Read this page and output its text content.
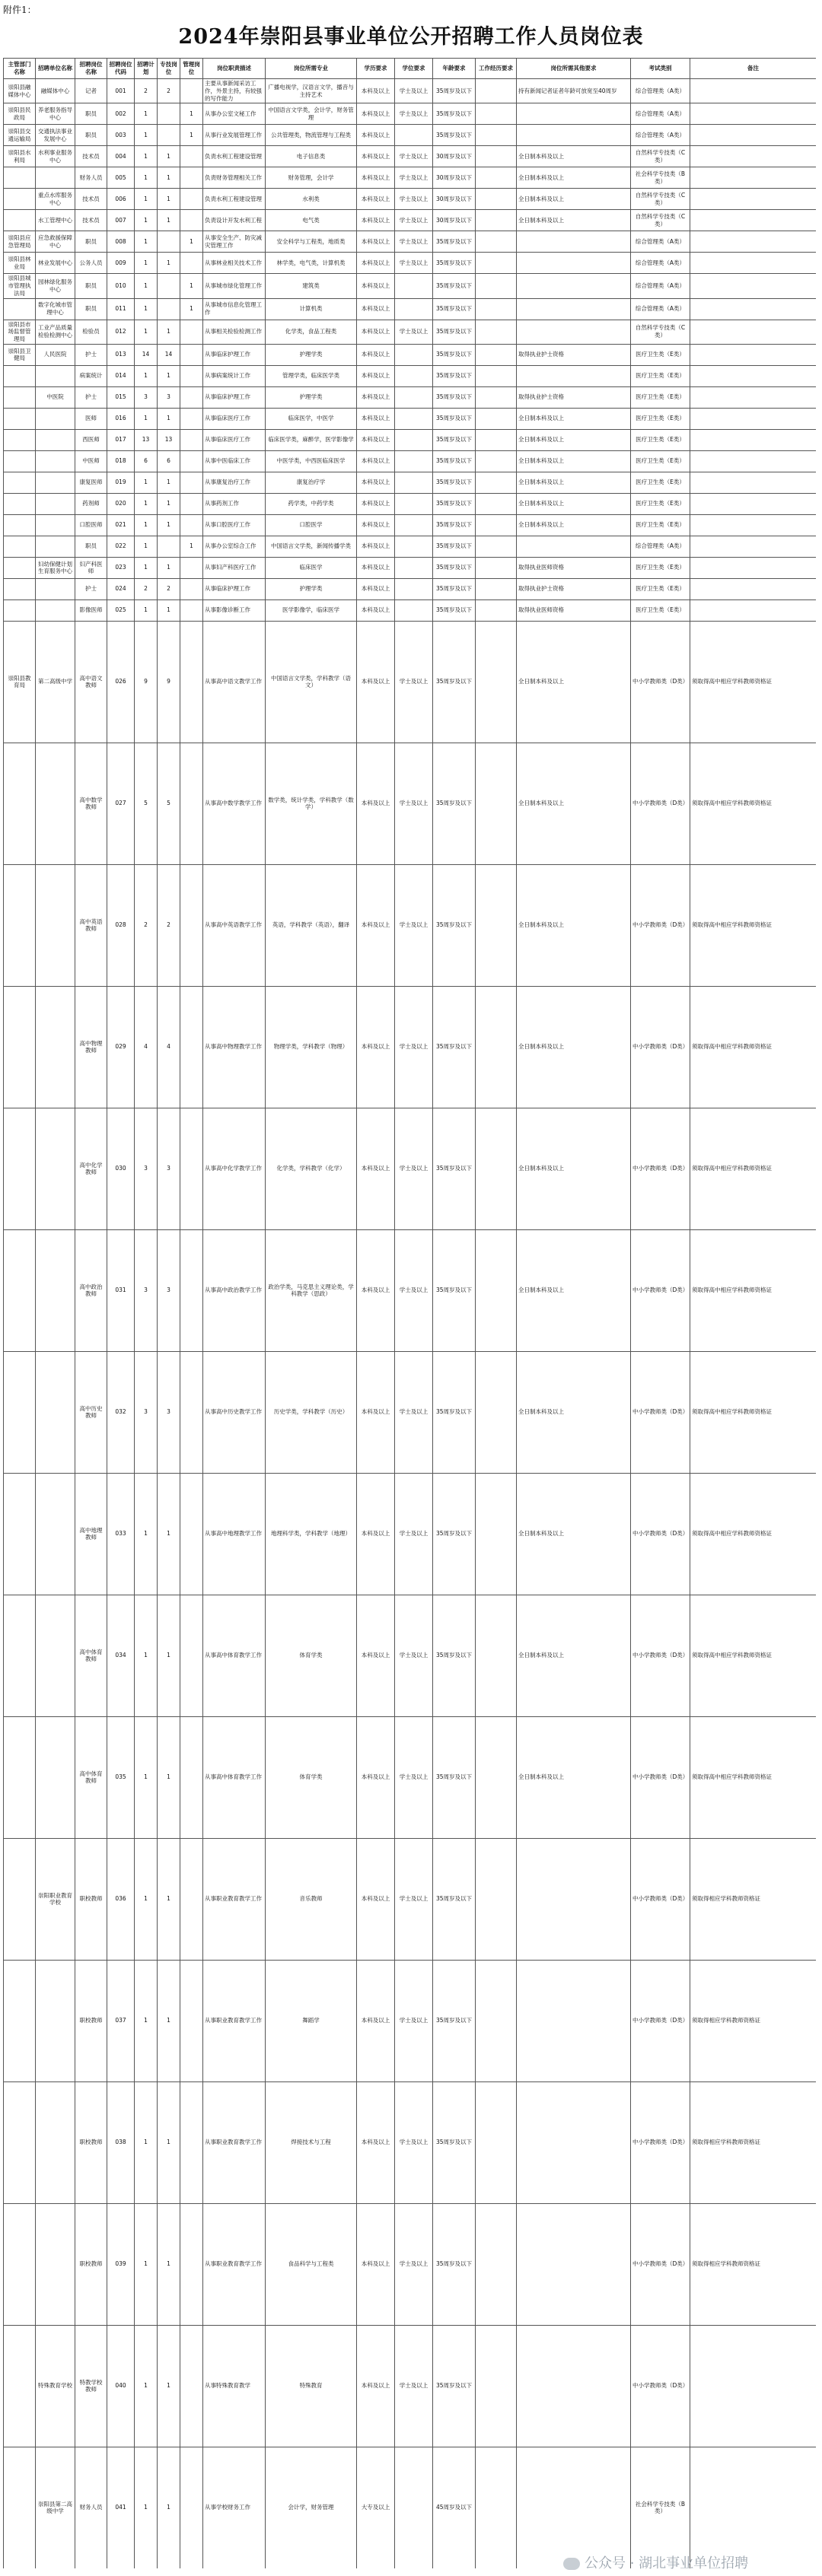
附件1：
2024年崇阳县事业单位公开招聘工作人员岗位表
主管部门名称	招聘单位名称	招聘岗位名称	招聘岗位代码	招聘计划	专技岗位	管理岗位	岗位职责描述	岗位所需专业	学历要求	学位要求	年龄要求	工作经历要求	岗位所需其他要求	考试类别	备注
崇阳县融媒体中心	融媒体中心	记者	001	2	2		主要从事新闻采访工作，外景主持，有较强的写作能力	广播电视学，汉语言文学，播音与主持艺术	本科及以上	学士及以上	35周岁及以下		持有新闻记者证者年龄可放宽至40周岁	综合管理类（A类）	
崇阳县民政局	养老服务指导中心	职员	002	1		1	从事办公室文秘工作	中国语言文学类，会计学，财务管理	本科及以上	学士及以上	35周岁及以下			综合管理类（A类）	
崇阳县交通运输局	交通执法事业发展中心	职员	003	1		1	从事行业发展管理工作	公共管理类，物流管理与工程类	本科及以上		35周岁及以下			综合管理类（A类）	
崇阳县水利局	水利事业服务中心	技术员	004	1	1		负责水利工程建设管理	电子信息类	本科及以上	学士及以上	30周岁及以下		全日制本科及以上	自然科学专技类（C类）	
		财务人员	005	1	1		负责财务管理相关工作	财务管理，会计学	本科及以上	学士及以上	30周岁及以下		全日制本科及以上	社会科学专技类（B类）	
	重点水库服务中心	技术员	006	1	1		负责水利工程建设管理	水利类	本科及以上	学士及以上	30周岁及以下		全日制本科及以上	自然科学专技类（C类）	
	水工管理中心	技术员	007	1	1		负责设计开发水利工程	电气类	本科及以上	学士及以上	30周岁及以下		全日制本科及以上	自然科学专技类（C类）	
崇阳县应急管理局	应急救援保障中心	职员	008	1		1	从事安全生产、防灾减灾管理工作	安全科学与工程类，地质类	本科及以上	学士及以上	35周岁及以下			综合管理类（A类）	
崇阳县林业局	林业发展中心	公务人员	009	1	1		从事林业相关技术工作	林学类，电气类，计算机类	本科及以上	学士及以上	35周岁及以下			综合管理类（A类）	
崇阳县城市管理执法局	园林绿化服务中心	职员	010	1		1	从事城市绿化管理工作	建筑类	本科及以上		35周岁及以下			综合管理类（A类）	
	数字化城市管理中心	职员	011	1		1	从事城市信息化管理工作	计算机类	本科及以上		35周岁及以下			综合管理类（A类）	
崇阳县市场监督管理局	工业产品质量检验检测中心	检验员	012	1	1		从事相关检验检测工作	化学类，食品工程类	本科及以上	学士及以上	35周岁及以下			自然科学专技类（C类）	
崇阳县卫健局	人民医院	护士	013	14	14		从事临床护理工作	护理学类	本科及以上		35周岁及以下		取得执业护士资格	医疗卫生类（E类）	
		病案统计	014	1	1		从事病案统计工作	管理学类，临床医学类	本科及以上		35周岁及以下			医疗卫生类（E类）	
	中医院	护士	015	3	3		从事临床护理工作	护理学类	本科及以上		35周岁及以下		取得执业护士资格	医疗卫生类（E类）	
		医师	016	1	1		从事临床医疗工作	临床医学，中医学	本科及以上		35周岁及以下		全日制本科及以上	医疗卫生类（E类）	
		西医师	017	13	13		从事临床医疗工作	临床医学类，麻醉学，医学影像学	本科及以上		35周岁及以下		全日制本科及以上	医疗卫生类（E类）	
		中医师	018	6	6		从事中医临床工作	中医学类，中西医临床医学	本科及以上		35周岁及以下		全日制本科及以上	医疗卫生类（E类）	
		康复医师	019	1	1		从事康复治疗工作	康复治疗学	本科及以上		35周岁及以下		全日制本科及以上	医疗卫生类（E类）	
		药剂师	020	1	1		从事药剂工作	药学类，中药学类	本科及以上		35周岁及以下		全日制本科及以上	医疗卫生类（E类）	
		口腔医师	021	1	1		从事口腔医疗工作	口腔医学	本科及以上		35周岁及以下		全日制本科及以上	医疗卫生类（E类）	
		职员	022	1		1	从事办公室综合工作	中国语言文学类，新闻传播学类	本科及以上		35周岁及以下			综合管理类（A类）	
	妇幼保健计划生育服务中心	妇产科医师	023	1	1		从事妇产科医疗工作	临床医学	本科及以上		35周岁及以下		取得执业医师资格	医疗卫生类（E类）	
		护士	024	2	2		从事临床护理工作	护理学类	本科及以上		35周岁及以下		取得执业护士资格	医疗卫生类（E类）	
		影像医师	025	1	1		从事影像诊断工作	医学影像学，临床医学	本科及以上		35周岁及以下		取得执业医师资格	医疗卫生类（E类）	
崇阳县教育局	第二高级中学	高中语文教师	026	9	9		从事高中语文教学工作	中国语言文学类，学科教学（语文）	本科及以上	学士及以上	35周岁及以下		全日制本科及以上	中小学教师类（D类）	须取得高中相应学科教师资格证
		高中数学教师	027	5	5		从事高中数学教学工作	数学类，统计学类，学科教学（数学）	本科及以上	学士及以上	35周岁及以下		全日制本科及以上	中小学教师类（D类）	须取得高中相应学科教师资格证
		高中英语教师	028	2	2		从事高中英语教学工作	英语，学科教学（英语），翻译	本科及以上	学士及以上	35周岁及以下		全日制本科及以上	中小学教师类（D类）	须取得高中相应学科教师资格证
		高中物理教师	029	4	4		从事高中物理教学工作	物理学类，学科教学（物理）	本科及以上	学士及以上	35周岁及以下		全日制本科及以上	中小学教师类（D类）	须取得高中相应学科教师资格证
		高中化学教师	030	3	3		从事高中化学教学工作	化学类，学科教学（化学）	本科及以上	学士及以上	35周岁及以下		全日制本科及以上	中小学教师类（D类）	须取得高中相应学科教师资格证
		高中政治教师	031	3	3		从事高中政治教学工作	政治学类，马克思主义理论类，学科教学（思政）	本科及以上	学士及以上	35周岁及以下		全日制本科及以上	中小学教师类（D类）	须取得高中相应学科教师资格证
		高中历史教师	032	3	3		从事高中历史教学工作	历史学类，学科教学（历史）	本科及以上	学士及以上	35周岁及以下		全日制本科及以上	中小学教师类（D类）	须取得高中相应学科教师资格证
		高中地理教师	033	1	1		从事高中地理教学工作	地理科学类，学科教学（地理）	本科及以上	学士及以上	35周岁及以下		全日制本科及以上	中小学教师类（D类）	须取得高中相应学科教师资格证
		高中体育教师	034	1	1		从事高中体育教学工作	体育学类	本科及以上	学士及以上	35周岁及以下		全日制本科及以上	中小学教师类（D类）	须取得高中相应学科教师资格证
		高中体育教师	035	1	1		从事高中体育教学工作	体育学类	本科及以上	学士及以上	35周岁及以下		全日制本科及以上	中小学教师类（D类）	须取得高中相应学科教师资格证
	崇阳职业教育学校	职校教师	036	1	1		从事职业教育教学工作	音乐教师	本科及以上	学士及以上	35周岁及以下			中小学教师类（D类）	须取得相应学科教师资格证
		职校教师	037	1	1		从事职业教育教学工作	舞蹈学	本科及以上	学士及以上	35周岁及以下			中小学教师类（D类）	须取得相应学科教师资格证
		职校教师	038	1	1		从事职业教育教学工作	焊接技术与工程	本科及以上	学士及以上	35周岁及以下			中小学教师类（D类）	须取得相应学科教师资格证
		职校教师	039	1	1		从事职业教育教学工作	食品科学与工程类	本科及以上	学士及以上	35周岁及以下			中小学教师类（D类）	须取得相应学科教师资格证
	特殊教育学校	特教学校教师	040	1	1		从事特殊教育教学	特殊教育	本科及以上	学士及以上	35周岁及以下			中小学教师类（D类）	
	崇阳县第二高级中学	财务人员	041	1	1		从事学校财务工作	会计学，财务管理	大专及以上		45周岁及以下			社会科学专技类（B类）	
公众号 · 湖北事业单位招聘
